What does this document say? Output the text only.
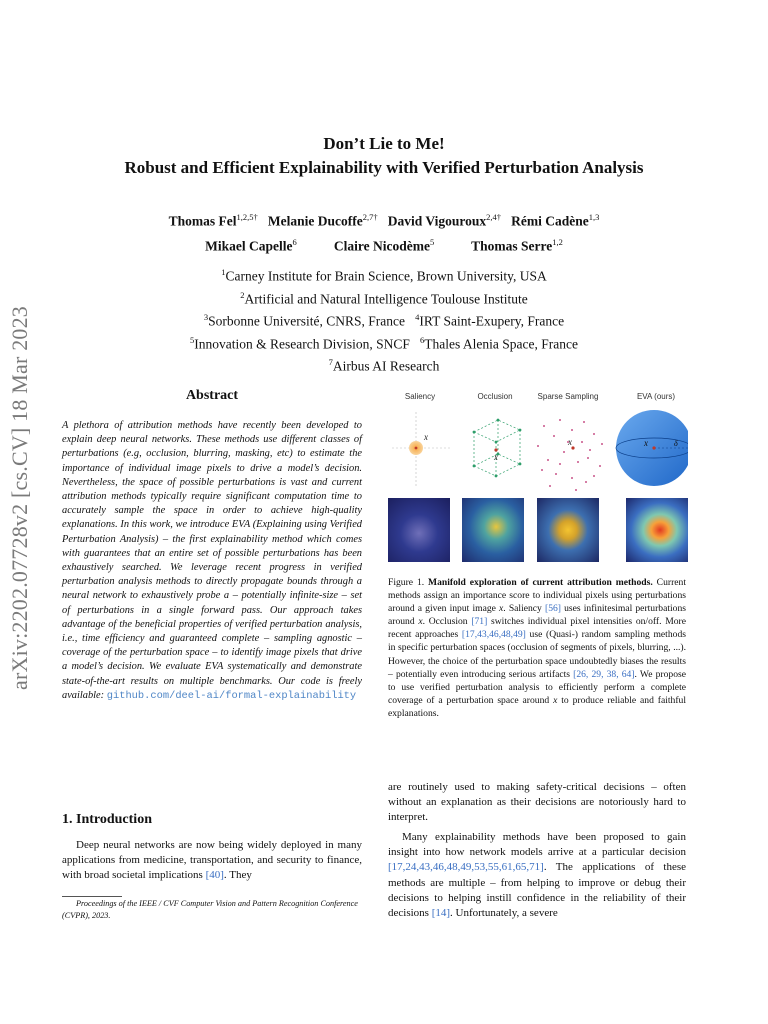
arXiv:2202.07728v2 [cs.CV] 18 Mar 2023
Don’t Lie to Me!
Robust and Efficient Explainability with Verified Perturbation Analysis
Thomas Fel$^{1,2,5\dagger}$ Melanie Ducoffe$^{2,7\dagger}$ David Vigouroux$^{2,4\dagger}$ Rémi Cadène$^{1,3}$
Mikael Capelle$^6$	Claire Nicodème$^5$	Thomas Serre$^{1,2}$
$^1$Carney Institute for Brain Science, Brown University, USA
$^2$Artificial and Natural Intelligence Toulouse Institute
$^3$Sorbonne Université, CNRS, France $^4$IRT Saint-Exupery, France
$^5$Innovation & Research Division, SNCF $^6$Thales Alenia Space, France
$^7$Airbus AI Research
Abstract
A plethora of attribution methods have recently been developed to explain deep neural networks. These methods use different classes of perturbations (e.g, occlusion, blurring, masking, etc) to estimate the importance of individual image pixels to drive a model’s decision. Nevertheless, the space of possible perturbations is vast and current attribution methods typically require significant computation time to accurately sample the space in order to achieve high-quality explanations. In this work, we introduce EVA (Explaining using Verified Perturbation Analysis) – the first explainability method which comes with guarantees that an entire set of possible perturbations has been exhaustively searched. We leverage recent progress in verified perturbation analysis methods to directly propagate bounds through a neural network to exhaustively probe a – potentially infinite-size – set of perturbations in a single forward pass. Our approach takes advantage of the beneficial properties of verified perturbation analysis, i.e., time efficiency and guaranteed complete – sampling agnostic – coverage of the perturbation space – to identify image pixels that drive a model’s decision. We evaluate EVA systematically and demonstrate state-of-the-art results on multiple benchmarks. Our code is freely available: github.com/deel-ai/formal-explainability
1. Introduction
Deep neural networks are now being widely deployed in many applications from medicine, transportation, and security to finance, with broad societal implications [40]. They
Proceedings of the IEEE / CVF Computer Vision and Pattern Recognition Conference (CVPR), 2023.
Saliency	Occlusion	Sparse Sampling	EVA (ours)
x
x
x	x	δ
Figure 1. Manifold exploration of current attribution methods. Current methods assign an importance score to individual pixels using perturbations around a given input image x. Saliency [56] uses infinitesimal perturbations around x. Occlusion [71] switches individual pixel intensities on/off. More recent approaches [17,43,46,48,49] use (Quasi-) random sampling methods in specific perturbation spaces (occlusion of segments of pixels, blurring, ...). However, the choice of the perturbation space undoubtedly biases the results – potentially even introducing serious artifacts [26, 29, 38, 64]. We propose to use verified perturbation analysis to efficiently perform a complete coverage of a perturbation space around x to produce reliable and faithful explanations.
are routinely used to making safety-critical decisions – often without an explanation as their decisions are notoriously hard to interpret.
Many explainability methods have been proposed to gain insight into how network models arrive at a particular decision [17,24,43,46,48,49,53,55,61,65,71]. The applications of these methods are multiple – from helping to improve or debug their decisions to helping instill confidence in the reliability of their decisions [14]. Unfortunately, a severe
